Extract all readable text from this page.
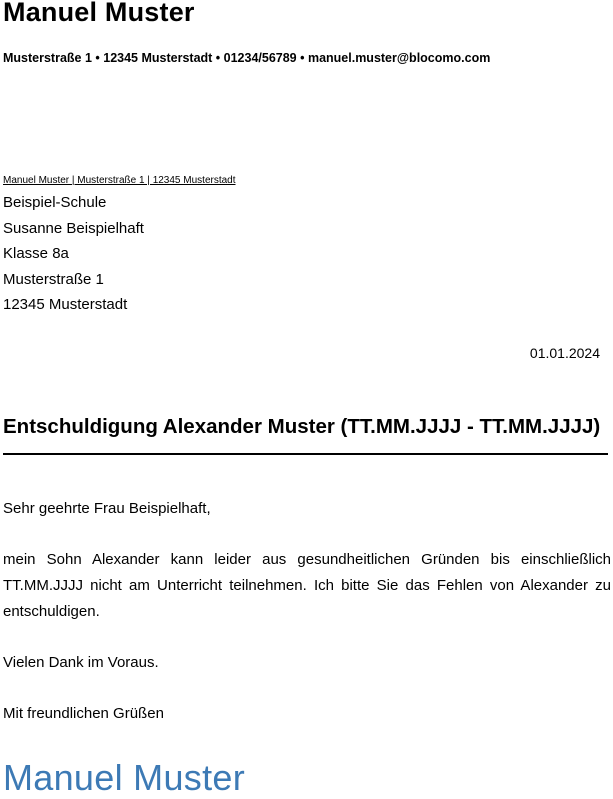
Manuel Muster
Musterstraße 1 • 12345 Musterstadt • 01234/56789 • manuel.muster@blocomo.com
Manuel Muster | Musterstraße 1 | 12345 Musterstadt
Beispiel-Schule
Susanne Beispielhaft
Klasse 8a
Musterstraße 1
12345 Musterstadt
01.01.2024
Entschuldigung Alexander Muster (TT.MM.JJJJ - TT.MM.JJJJ)
Sehr geehrte Frau Beispielhaft,
mein Sohn Alexander kann leider aus gesundheitlichen Gründen bis einschließlich TT.MM.JJJJ nicht am Unterricht teilnehmen. Ich bitte Sie das Fehlen von Alexander zu entschuldigen.
Vielen Dank im Voraus.
Mit freundlichen Grüßen
Manuel Muster
